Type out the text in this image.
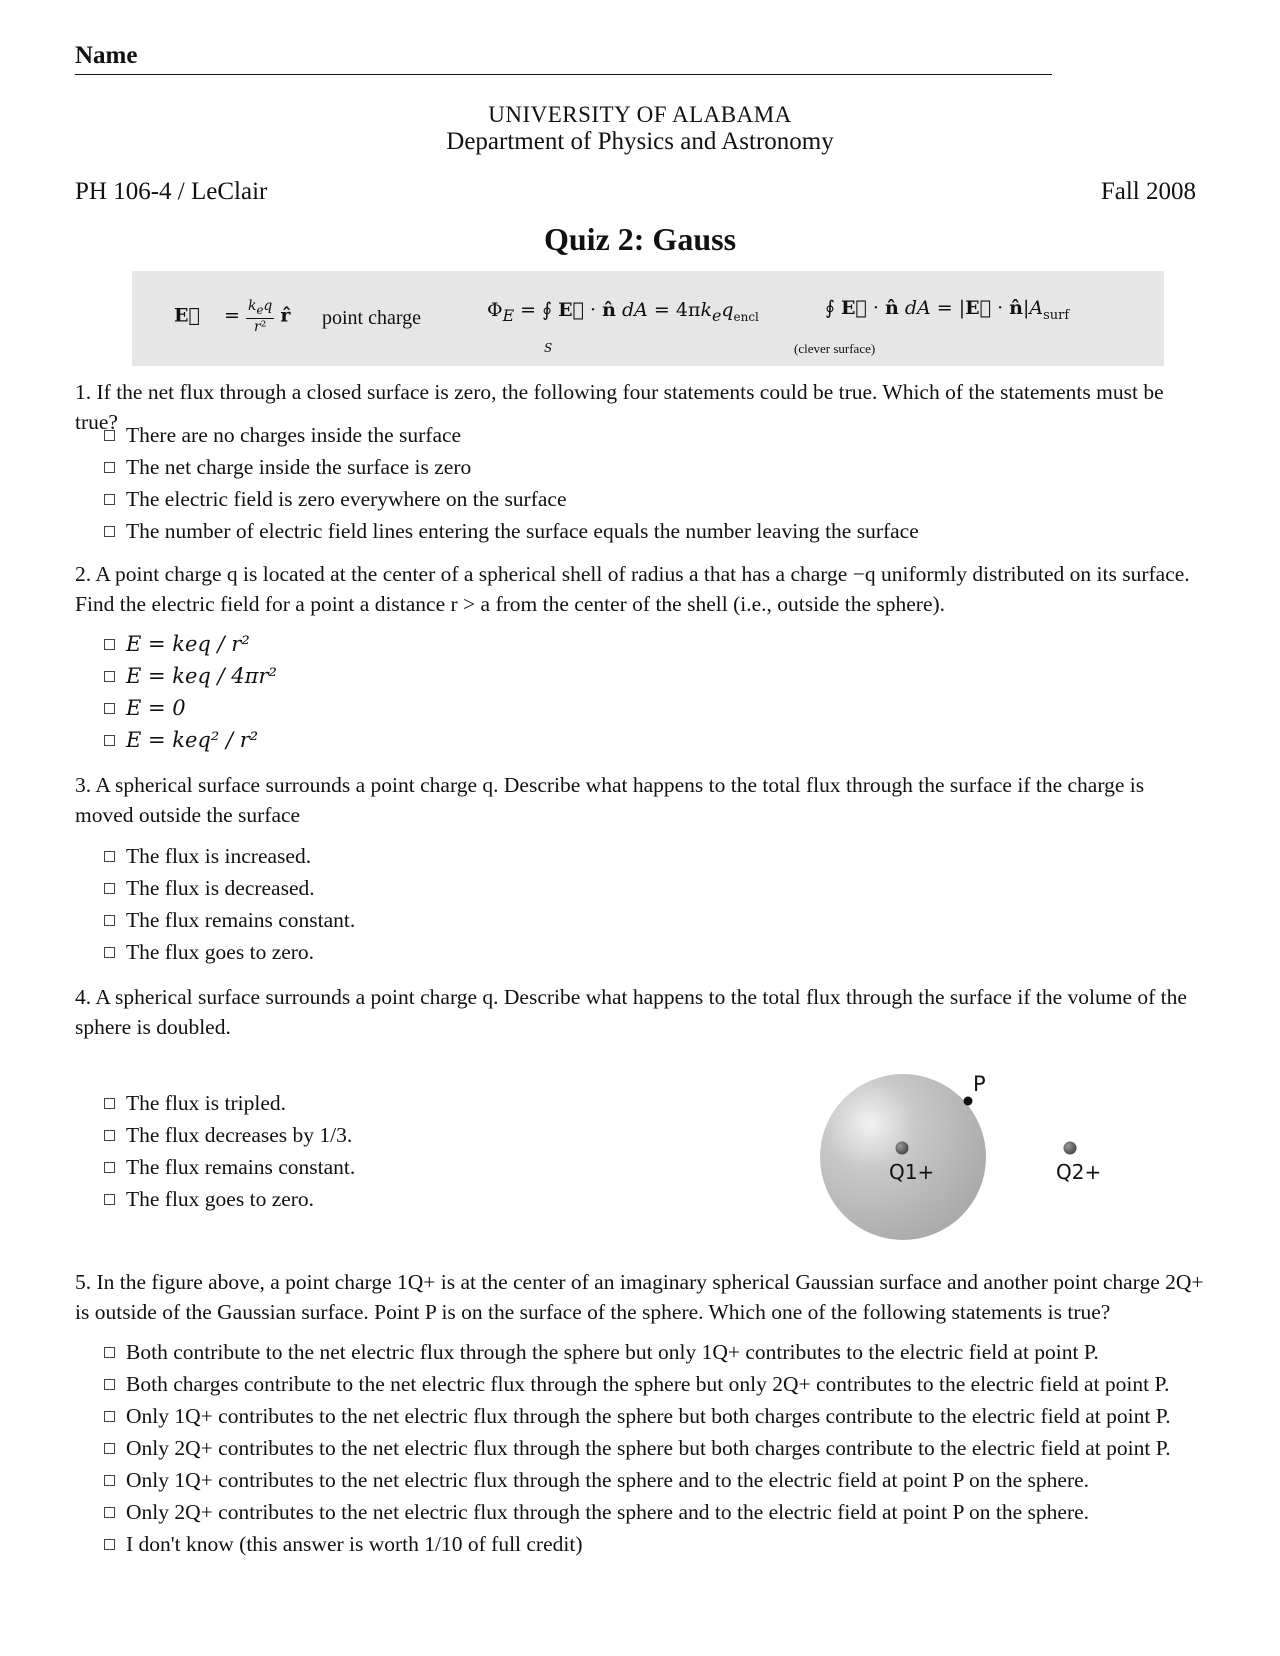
Name
UNIVERSITY OF ALABAMA
Department of Physics and Astronomy
PH 106-4 / LeClair	Fall 2008
Quiz 2: Gauss
E⃗    = $\frac{k_eq}{\text{r²}}$ r̂ point charge	$\Phi_E$ = ∮ E⃗ · n̂ dA = $4\pi k_eq_{encl}$
S
∮ E⃗ · n̂ dA = |E⃗ · $n̂|A_{surf}$
(clever surface)
1. If the net flux through a closed surface is zero, the following four statements could be true. Which of the statements must be true?
There are no charges inside the surface
The net charge inside the surface is zero
The electric field is zero everywhere on the surface
The number of electric field lines entering the surface equals the number leaving the surface
2. A point charge q is located at the center of a spherical shell of radius a that has a charge −q uniformly distributed on its surface. Find the electric field for a point a distance r > a from the center of the shell (i.e., outside the sphere).
E = keq / r²
E = keq / 4πr²
E = 0
E = keq² / r²
3. A spherical surface surrounds a point charge q. Describe what happens to the total flux through the surface if the charge is moved outside the surface
The flux is increased.
The flux is decreased.
The flux remains constant.
The flux goes to zero.
4. A spherical surface surrounds a point charge q. Describe what happens to the total flux through the surface if the volume of the sphere is doubled.
The flux is tripled.
The flux decreases by 1/3.
The flux remains constant.
The flux goes to zero.
P
Q1+	Q2+
5. In the figure above, a point charge 1Q+ is at the center of an imaginary spherical Gaussian surface and another point charge 2Q+ is outside of the Gaussian surface. Point P is on the surface of the sphere. Which one of the following statements is true?
Both contribute to the net electric flux through the sphere but only 1Q+ contributes to the electric field at point P.
Both charges contribute to the net electric flux through the sphere but only 2Q+ contributes to the electric field at point P.
Only 1Q+ contributes to the net electric flux through the sphere but both charges contribute to the electric field at point P.
Only 2Q+ contributes to the net electric flux through the sphere but both charges contribute to the electric field at point P.
Only 1Q+ contributes to the net electric flux through the sphere and to the electric field at point P on the sphere.
Only 2Q+ contributes to the net electric flux through the sphere and to the electric field at point P on the sphere.
I don't know (this answer is worth 1/10 of full credit)
